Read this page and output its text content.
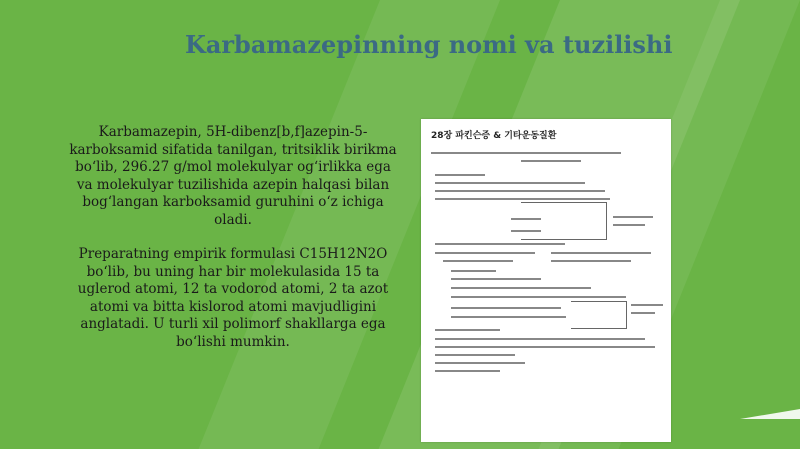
Karbamazepinning nomi va tuzilishi

Karbamazepin, 5H-dibenz[b,f]azepin-5-karboksamid sifatida tanilgan, tritsiklik birikma bo‘lib, 296.27 g/mol molekulyar og‘irlikka ega va molekulyar tuzilishida azepin halqasi bilan bog‘langan karboksamid guruhini o‘z ichiga oladi.

Preparatning empirik formulasi C15H12N2O bo‘lib, bu uning har bir molekulasida 15 ta uglerod atomi, 12 ta vodorod atomi, 2 ta azot atomi va bitta kislorod atomi mavjudligini anglatadi. U turli xil polimorf shakllarga ega bo‘lishi mumkin.

28장 파킨슨증 & 기타운동질환
